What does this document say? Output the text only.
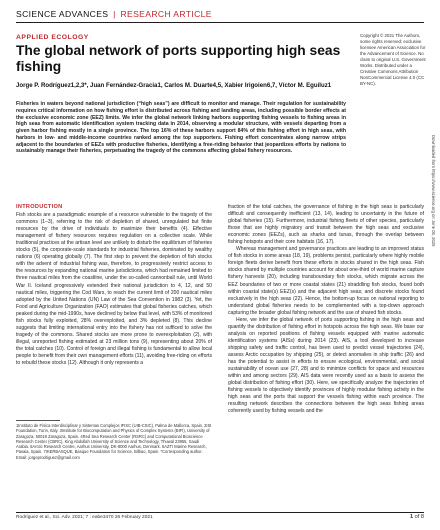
SCIENCE ADVANCES | RESEARCH ARTICLE
APPLIED ECOLOGY
The global network of ports supporting high seas fishing

Jorge P. Rodríguez1,2,3*, Juan Fernández-Gracia1, Carlos M. Duarte4,5, Xabier Irigoien6,7, Víctor M. Eguíluz1

Fisheries in waters beyond national jurisdiction (“high seas”) are difficult to monitor and manage. Their regulation for sustainability requires critical information on how fishing effort is distributed across fishing and landing areas, including possible border effects at the exclusive economic zone (EEZ) limits. We infer the global network linking harbors supporting fishing vessels to fishing areas in high seas from automatic identification system tracking data in 2014, observing a modular structure, with vessels departing from a given harbor fishing mostly in a single province. The top 16% of these harbors support 84% of this fishing effort in high seas, with harbors in low- and middle-income countries ranked among the top supporters. Fishing effort concentrates along narrow strips adjacent to the boundaries of EEZs with productive fisheries, identifying a free-riding behavior that jeopardizes efforts by nations to sustainably manage their fisheries, perpetuating the tragedy of the commons affecting global fishery resources.

Copyright © 2021 The Authors, some rights reserved; exclusive licensee American Association for the Advancement of Science. No claim to original U.S. Government Works. Distributed under a Creative Commons Attribution NonCommercial License 4.0 (CC BY-NC).

Downloaded from https://www.science.org on June 05, 2025
INTRODUCTION

Fish stocks are a paradigmatic example of a resource vulnerable to the tragedy of the commons (1–3), referring to the risk of depletion of shared, unregulated but finite resources by the drive of individuals to maximize their benefits (4). Effective management of fishery resources requires regulation on a collective scale. While traditional practices at the artisan level are unlikely to disturb the equilibrium of fisheries stocks (5), the corporate-scale standards for industrial fisheries, dominated by wealthy nations (6) operating globally (7). The first step to prevent the depletion of fish stocks with the advent of industrial fishing was, therefore, to progressively restrict access to the resources by expanding national marine jurisdictions, which had remained limited to three nautical miles from the coastline, under the so-called cannonball rule, until World War II. Iceland progressively extended their national jurisdiction to 4, 12, and 50 nautical miles, triggering the Cod Wars, to reach the current limit of 200 nautical miles adopted by the United Nations (UN) Law of the Sea Convention in 1982 (3). Yet, the Food and Agriculture Organization (FAO) estimates that global fisheries catches, which peaked during the mid-1990s, have declined by below that level, with 53% of monitored fish stocks fully exploited, 28% overexploited, and 3% depleted (8). This decline suggests that limiting international entry into the fishery has not sufficed to solve the tragedy of the commons. Shared stocks are more prone to overexploitation (2), with illegal, unreported fishing estimated at 23 million tons (9), representing about 20% of the total catches (10). Control of foreign and illegal fishing is fundamental to allow local people to benefit from their own management efforts (11), avoiding free-riding on efforts to rebuild these stocks (12). Although it only represents a

1Instituto de Física Interdisciplinar y Sistemas Complejos IFISC (UIB-CSIC), Palma de Mallorca, Spain. 2ISI Foundation, Turin, Italy. 3Institute for Biocomputation and Physics of Complex Systems (BIFI), University of Zaragoza, 50018 Zaragoza, Spain. 4Red Sea Research Center (RSRC) and Computational Bioscience Research Center (CBRC), King Abdullah University of Science and Technology, Thuwal 23955, Saudi Arabia. 5Arctic Research Centre, Aarhus University, DK-8000 Aarhus, Denmark. 6AZTI Marine Research, Pasaia, Spain. 7IKERBASQUE, Basque Foundation for Science, Bilbao, Spain. *Corresponding author. Email: jorgeprodriguez@gmail.com

fraction of the total catches, the governance of fishing in the high seas is particularly difficult and consequently inefficient (13, 14), leading to uncertainty in the future of global fisheries (15). Furthermore, industrial fishing fleets of other species, particularly those that are highly migratory and transit between the high seas and exclusive economic zones (EEZs), such as sharks and tunas, through the overlap between fishing hotspots and their core habitats (16, 17).

Whereas management and governance practices are leading to an improved status of fish stocks in some areas (18, 19), problems persist, particularly where highly mobile foreign fleets derive benefit from these efforts in stocks shared in the high seas. Fish stocks shared by multiple countries account for about one-third of world marine capture fishery harvests (20), including transboundary fish stocks, which migrate across the EEZ boundaries of two or more coastal states (21) straddling fish stocks, found both within coastal state(s) EEZ(s) and the adjacent high seas; and discrete stocks found exclusively in the high seas (22). Hence, the bottom-up focus on national reporting to understand global fisheries needs to be complemented with a top-down approach capturing the broader global fishing network and the use of shared fish stocks.

Here, we infer the global network of ports supporting fishing in the high seas and quantify the distribution of fishing effort in hotspots across the high seas. We base our analysis on reported positions of fishing vessels equipped with marine automatic identification systems (AISs) during 2014 (23). AIS, a tool developed to increase shipping safety and traffic control, has been used to predict vessel trajectories (24), assess Arctic occupation by shipping (25), or detect anomalies in ship traffic (26) and has the potential to assist in efforts to ensure ecological, environmental, and social sustainability of ocean use (27, 28) and to minimize conflicts for space and resources within and among sectors (29). AIS data were recently used as a basis to assess the global distribution of fishing effort (30). Here, we specifically analyze the trajectories of fishing vessels to objectively identify provinces of highly modular fishing activity in the high seas and the ports that support the vessels fishing within each province. The resulting network describes the connections between the high seas fishing areas coherently used by fishing vessels and the

Rodríguez et al., Sci. Adv. 2021; 7 : eabe3470 26 February 2021	1 of 8
